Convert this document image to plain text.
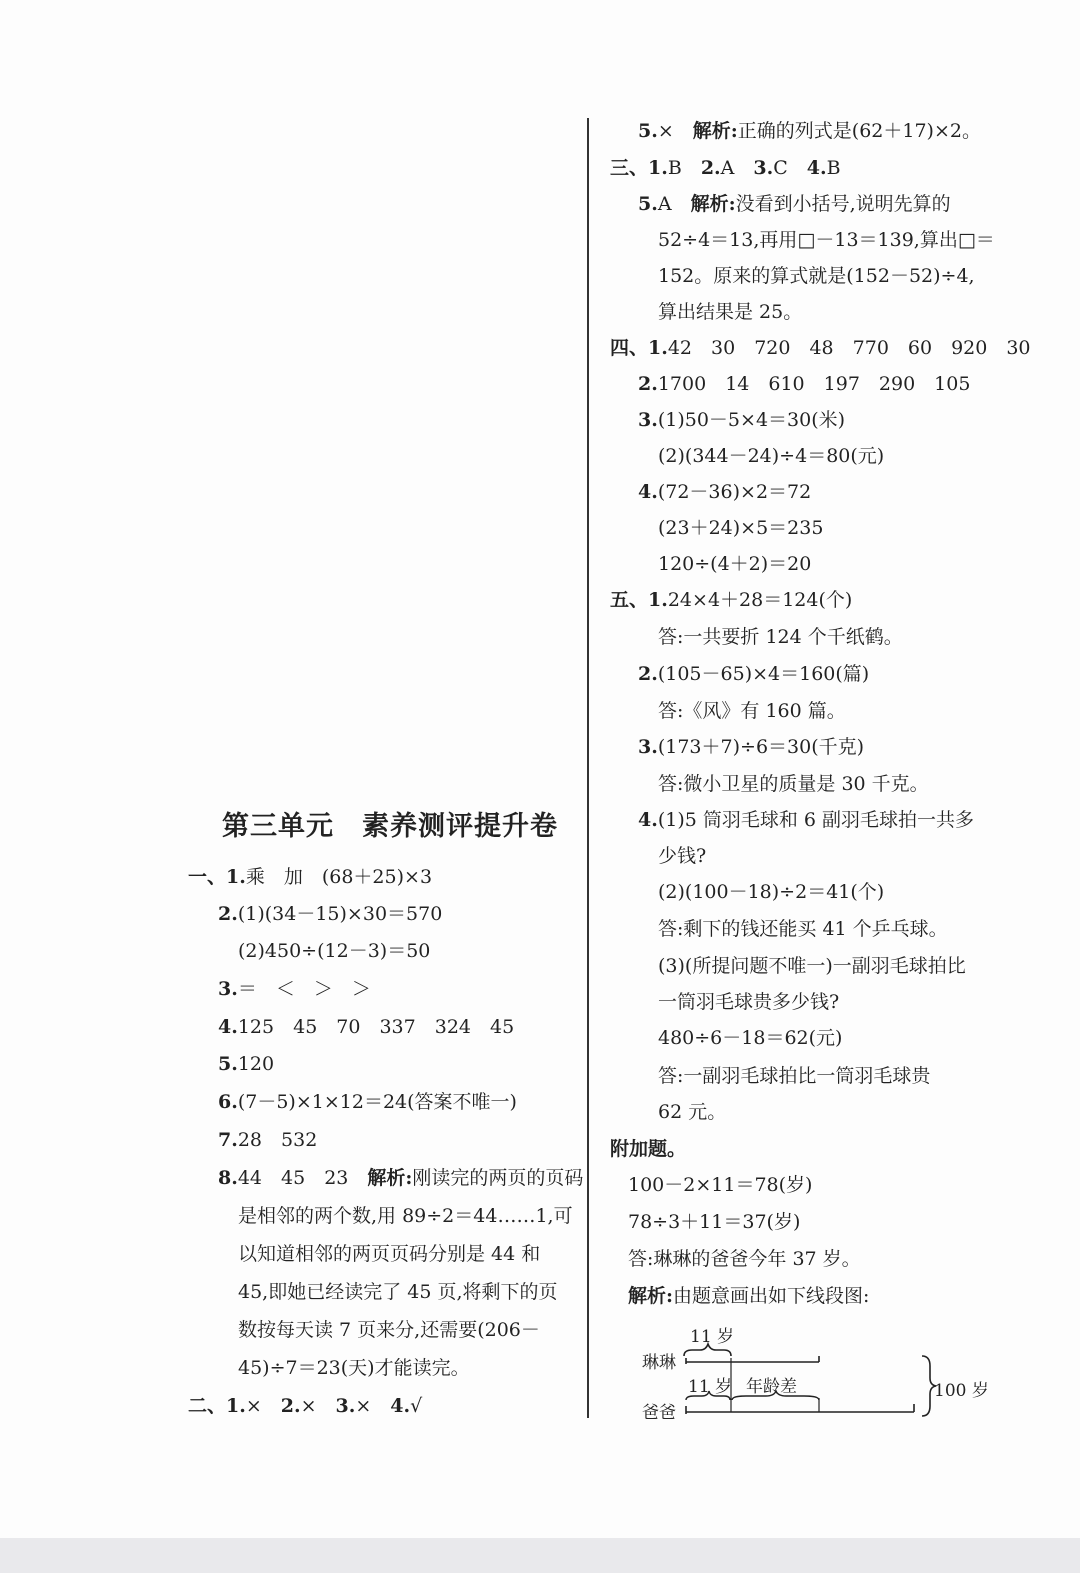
第三单元　素养测评提升卷
一、1.乘　加　(68＋25)×3
2.(1)(34－15)×30＝570
(2)450÷(12－3)＝50
3.＝　＜　＞　＞
4.125　45　70　337　324　45
5.120
6.(7－5)×1×12＝24(答案不唯一)
7.28　532
8.44　45　23　解析:刚读完的两页的页码
是相邻的两个数,用 89÷2＝44……1,可
以知道相邻的两页页码分别是 44 和
45,即她已经读完了 45 页,将剩下的页
数按每天读 7 页来分,还需要(206－
45)÷7＝23(天)才能读完。
二、1.×　2.×　3.×　4.√
5.×　解析:正确的列式是(62＋17)×2。
三、1.B　2.A　3.C　4.B
5.A　解析:没看到小括号,说明先算的
52÷4＝13,再用□－13＝139,算出□＝
152。原来的算式就是(152－52)÷4,
算出结果是 25。
四、1.42　30　720　48　770　60　920　30
2.1700　14　610　197　290　105
3.(1)50－5×4＝30(米)
(2)(344－24)÷4＝80(元)
4.(72－36)×2＝72
(23＋24)×5＝235
120÷(4＋2)＝20
五、1.24×4＋28＝124(个)
答:一共要折 124 个千纸鹤。
2.(105－65)×4＝160(篇)
答:《风》有 160 篇。
3.(173＋7)÷6＝30(千克)
答:微小卫星的质量是 30 千克。
4.(1)5 筒羽毛球和 6 副羽毛球拍一共多
少钱?
(2)(100－18)÷2＝41(个)
答:剩下的钱还能买 41 个乒乓球。
(3)(所提问题不唯一)一副羽毛球拍比
一筒羽毛球贵多少钱?
480÷6－18＝62(元)
答:一副羽毛球拍比一筒羽毛球贵
62 元。
附加题。
100－2×11＝78(岁)
78÷3＋11＝37(岁)
答:琳琳的爸爸今年 37 岁。
解析:由题意画出如下线段图:
11 岁
琳琳
11 岁 年龄差
爸爸
100 岁
